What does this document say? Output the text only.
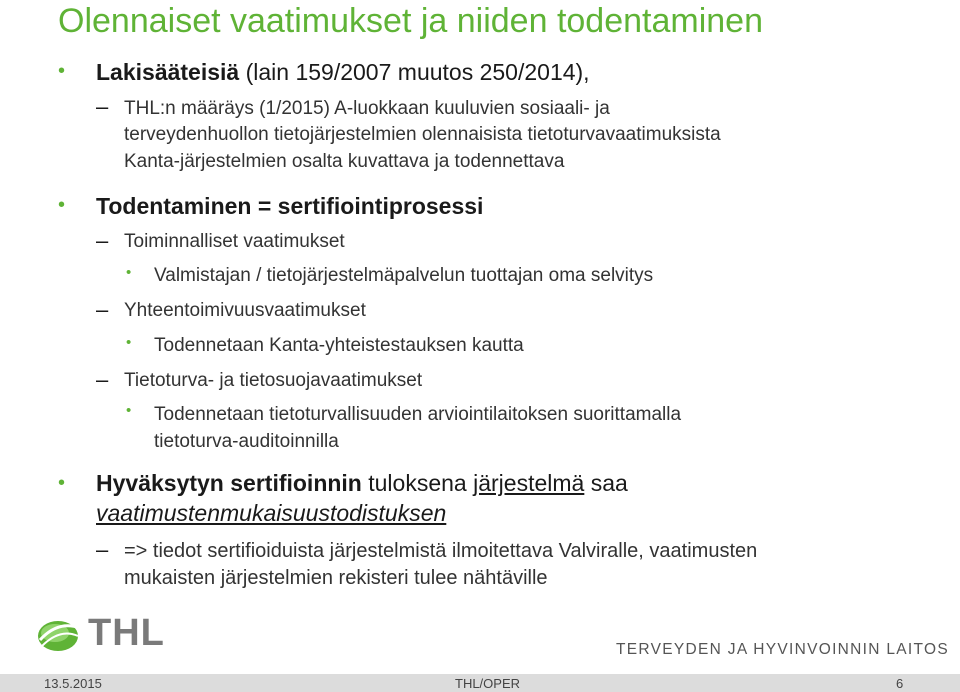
Olennaiset vaatimukset ja niiden todentaminen
• Lakisääteisiä (lain 159/2007 muutos 250/2014),
– THL:n määräys (1/2015) A-luokkaan kuuluvien sosiaali- ja
terveydenhuollon tietojärjestelmien olennaisista tietoturvavaatimuksista
Kanta-järjestelmien osalta kuvattava ja todennettava
• Todentaminen = sertifiointiprosessi
– Toiminnalliset vaatimukset
• Valmistajan / tietojärjestelmäpalvelun tuottajan oma selvitys
– Yhteentoimivuusvaatimukset
• Todennetaan Kanta-yhteistestauksen kautta
– Tietoturva- ja tietosuojavaatimukset
• Todennetaan tietoturvallisuuden arviointilaitoksen suorittamalla
tietoturva-auditoinnilla
• Hyväksytyn sertifioinnin tuloksena järjestelmä saa
vaatimustenmukaisuustodistuksen
– => tiedot sertifioiduista järjestelmistä ilmoitettava Valviralle, vaatimusten
mukaisten järjestelmien rekisteri tulee nähtäville
THL	TERVEYDEN JA HYVINVOINNIN LAITOS
13.5.2015	THL/OPER	6
